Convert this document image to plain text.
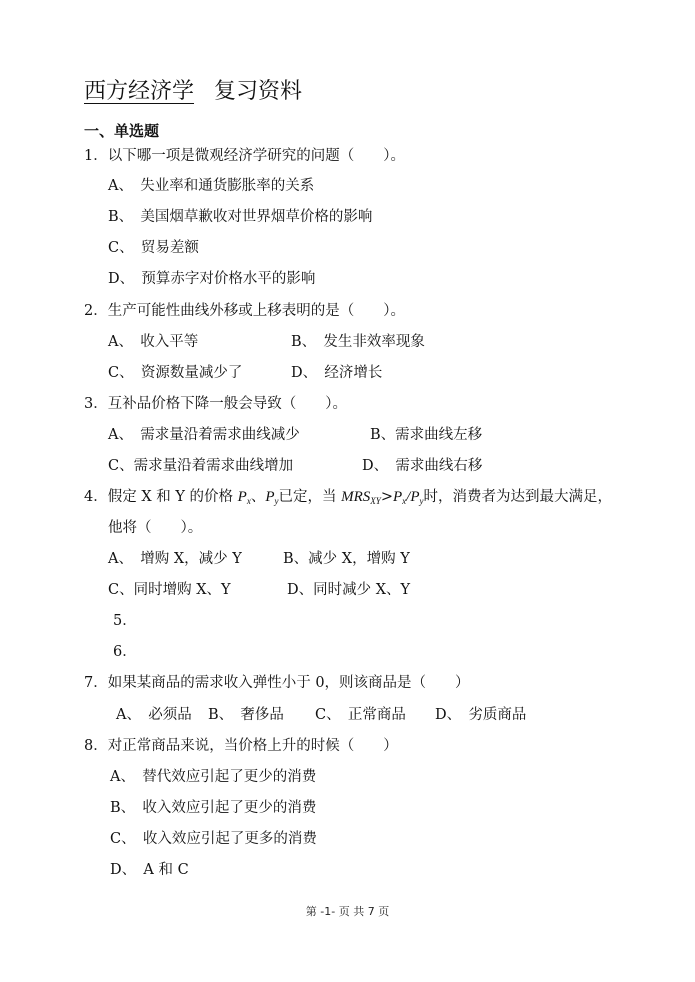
西方经济学 复习资料
一、单选题
1．以下哪一项是微观经济学研究的问题（　　）。
A、　失业率和通货膨胀率的关系
B、　美国烟草歉收对世界烟草价格的影响
C、　贸易差额
D、　预算赤字对价格水平的影响
2．生产可能性曲线外移或上移表明的是（　　）。
A、　收入平等	B、　发生非效率现象
C、　资源数量减少了	D、　经济增长
3．互补品价格下降一般会导致（　　）。
A、　需求量沿着需求曲线减少	B、需求曲线左移
C、需求量沿着需求曲线增加	D、　需求曲线右移
4．假定 X 和 Y 的价格 $P_x$、$P_y$已定，当 $MRS_{XY}>P_x/P_y$时，消费者为达到最大满足，
他将（　　）。
A、　增购 X，减少 Y	B、减少 X，增购 Y
C、同时增购 X、Y	D、同时减少 X、Y
5．
6．
7．如果某商品的需求收入弹性小于 0，则该商品是（　　）
A、　必须品 B、　奢侈品 C、　正常商品 D、　劣质商品
8．对正常商品来说，当价格上升的时候（　　）
A、　替代效应引起了更少的消费
B、　收入效应引起了更少的消费
C、　收入效应引起了更多的消费
D、　A 和 C
第 -1- 页 共 7 页
